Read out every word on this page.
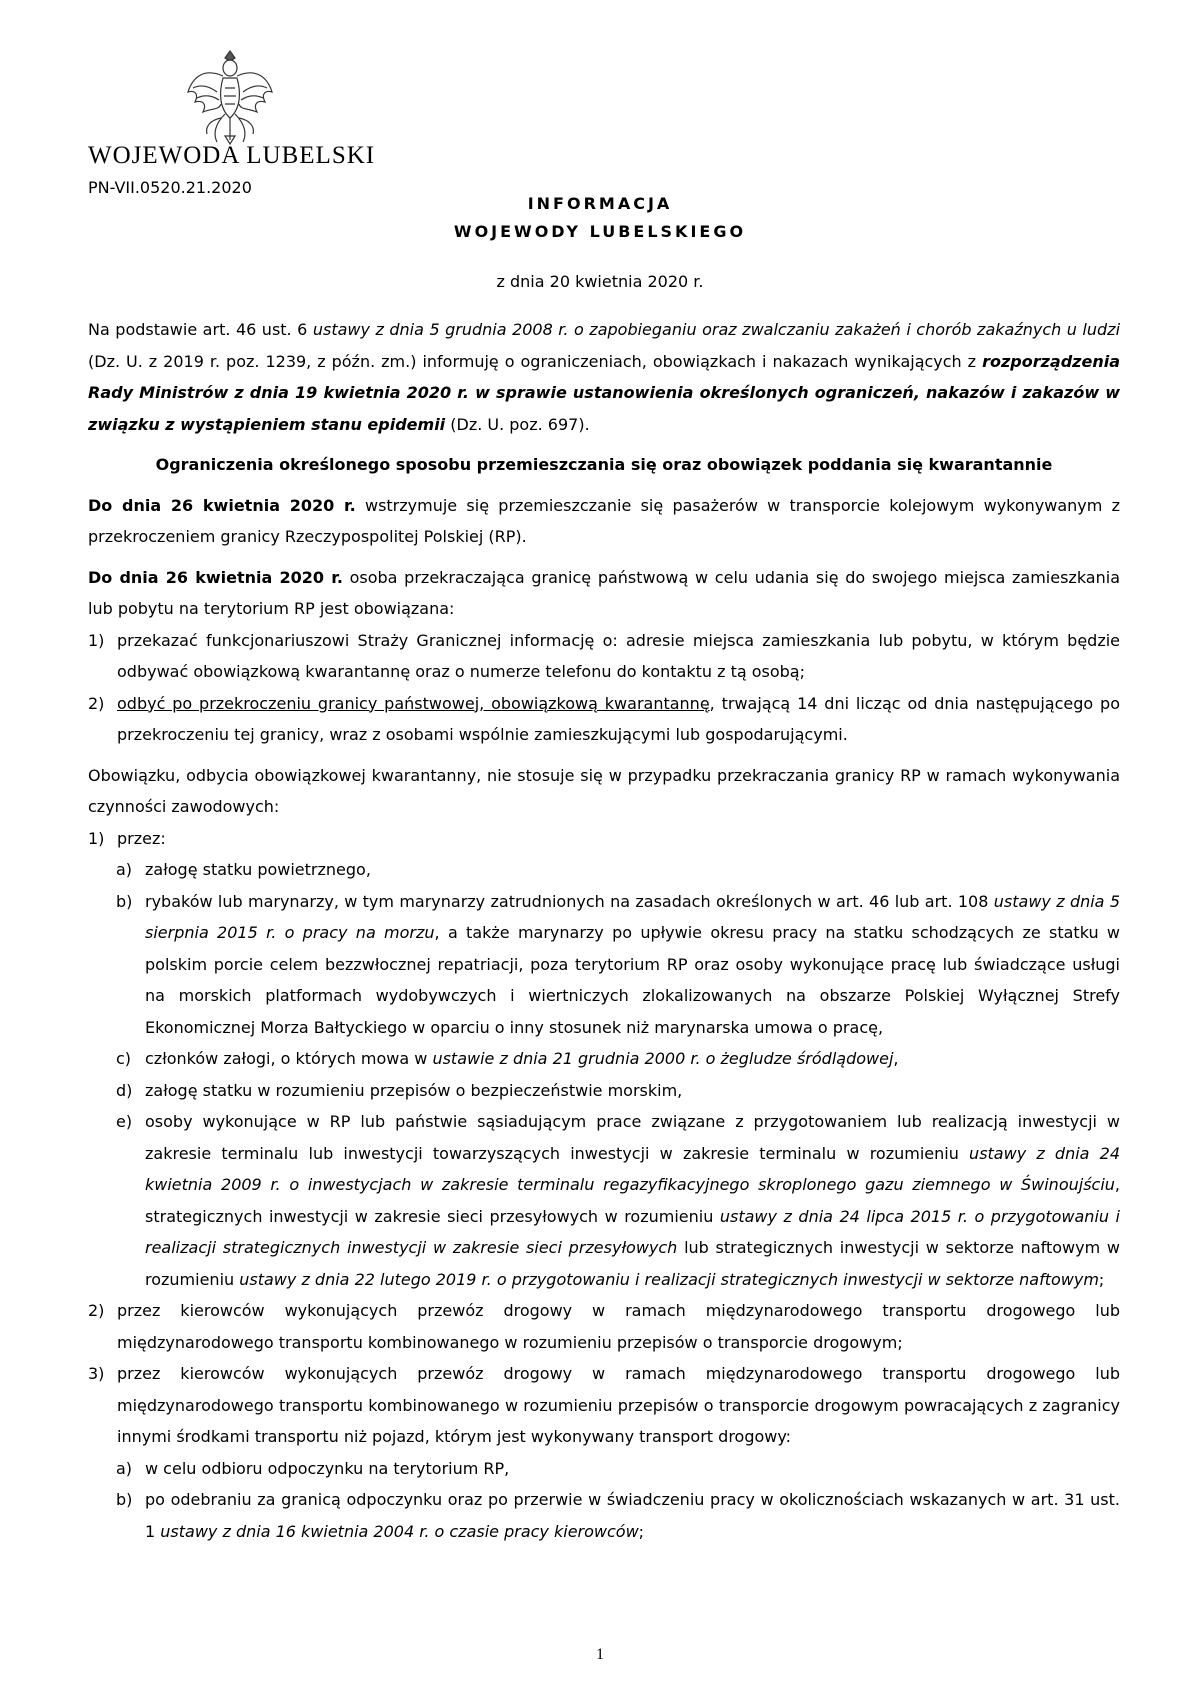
WOJEWODA LUBELSKI
PN-VII.0520.21.2020
INFORMACJA
WOJEWODY LUBELSKIEGO
z dnia 20 kwietnia 2020 r.

Na podstawie art. 46 ust. 6 ustawy z dnia 5 grudnia 2008 r. o zapobieganiu oraz zwalczaniu zakażeń i chorób zakaźnych u ludzi (Dz. U. z 2019 r. poz. 1239, z późn. zm.) informuję o ograniczeniach, obowiązkach i nakazach wynikających z rozporządzenia Rady Ministrów z dnia 19 kwietnia 2020 r. w sprawie ustanowienia określonych ograniczeń, nakazów i zakazów w związku z wystąpieniem stanu epidemii (Dz. U. poz. 697).

Ograniczenia określonego sposobu przemieszczania się oraz obowiązek poddania się kwarantannie

Do dnia 26 kwietnia 2020 r. wstrzymuje się przemieszczanie się pasażerów w transporcie kolejowym wykonywanym z przekroczeniem granicy Rzeczypospolitej Polskiej (RP).

Do dnia 26 kwietnia 2020 r. osoba przekraczająca granicę państwową w celu udania się do swojego miejsca zamieszkania lub pobytu na terytorium RP jest obowiązana:

1) przekazać funkcjonariuszowi Straży Granicznej informację o: adresie miejsca zamieszkania lub pobytu, w którym będzie odbywać obowiązkową kwarantannę oraz o numerze telefonu do kontaktu z tą osobą;

2) odbyć po przekroczeniu granicy państwowej, obowiązkową kwarantannę, trwającą 14 dni licząc od dnia następującego po przekroczeniu tej granicy, wraz z osobami wspólnie zamieszkującymi lub gospodarującymi.

Obowiązku, odbycia obowiązkowej kwarantanny, nie stosuje się w przypadku przekraczania granicy RP w ramach wykonywania czynności zawodowych:

1) przez:

a) załogę statku powietrznego,

b) rybaków lub marynarzy, w tym marynarzy zatrudnionych na zasadach określonych w art. 46 lub art. 108 ustawy z dnia 5 sierpnia 2015 r. o pracy na morzu, a także marynarzy po upływie okresu pracy na statku schodzących ze statku w polskim porcie celem bezzwłocznej repatriacji, poza terytorium RP oraz osoby wykonujące pracę lub świadczące usługi na morskich platformach wydobywczych i wiertniczych zlokalizowanych na obszarze Polskiej Wyłącznej Strefy Ekonomicznej Morza Bałtyckiego w oparciu o inny stosunek niż marynarska umowa o pracę,

c) członków załogi, o których mowa w ustawie z dnia 21 grudnia 2000 r. o żegludze śródlądowej,

d) załogę statku w rozumieniu przepisów o bezpieczeństwie morskim,

e) osoby wykonujące w RP lub państwie sąsiadującym prace związane z przygotowaniem lub realizacją inwestycji w zakresie terminalu lub inwestycji towarzyszących inwestycji w zakresie terminalu w rozumieniu ustawy z dnia 24 kwietnia 2009 r. o inwestycjach w zakresie terminalu regazyfikacyjnego skroplonego gazu ziemnego w Świnoujściu, strategicznych inwestycji w zakresie sieci przesyłowych w rozumieniu ustawy z dnia 24 lipca 2015 r. o przygotowaniu i realizacji strategicznych inwestycji w zakresie sieci przesyłowych lub strategicznych inwestycji w sektorze naftowym w rozumieniu ustawy z dnia 22 lutego 2019 r. o przygotowaniu i realizacji strategicznych inwestycji w sektorze naftowym;

2) przez kierowców wykonujących przewóz drogowy w ramach międzynarodowego transportu drogowego lub międzynarodowego transportu kombinowanego w rozumieniu przepisów o transporcie drogowym;

3) przez kierowców wykonujących przewóz drogowy w ramach międzynarodowego transportu drogowego lub międzynarodowego transportu kombinowanego w rozumieniu przepisów o transporcie drogowym powracających z zagranicy innymi środkami transportu niż pojazd, którym jest wykonywany transport drogowy:

a) w celu odbioru odpoczynku na terytorium RP,

b) po odebraniu za granicą odpoczynku oraz po przerwie w świadczeniu pracy w okolicznościach wskazanych w art. 31 ust. 1 ustawy z dnia 16 kwietnia 2004 r. o czasie pracy kierowców;

1
